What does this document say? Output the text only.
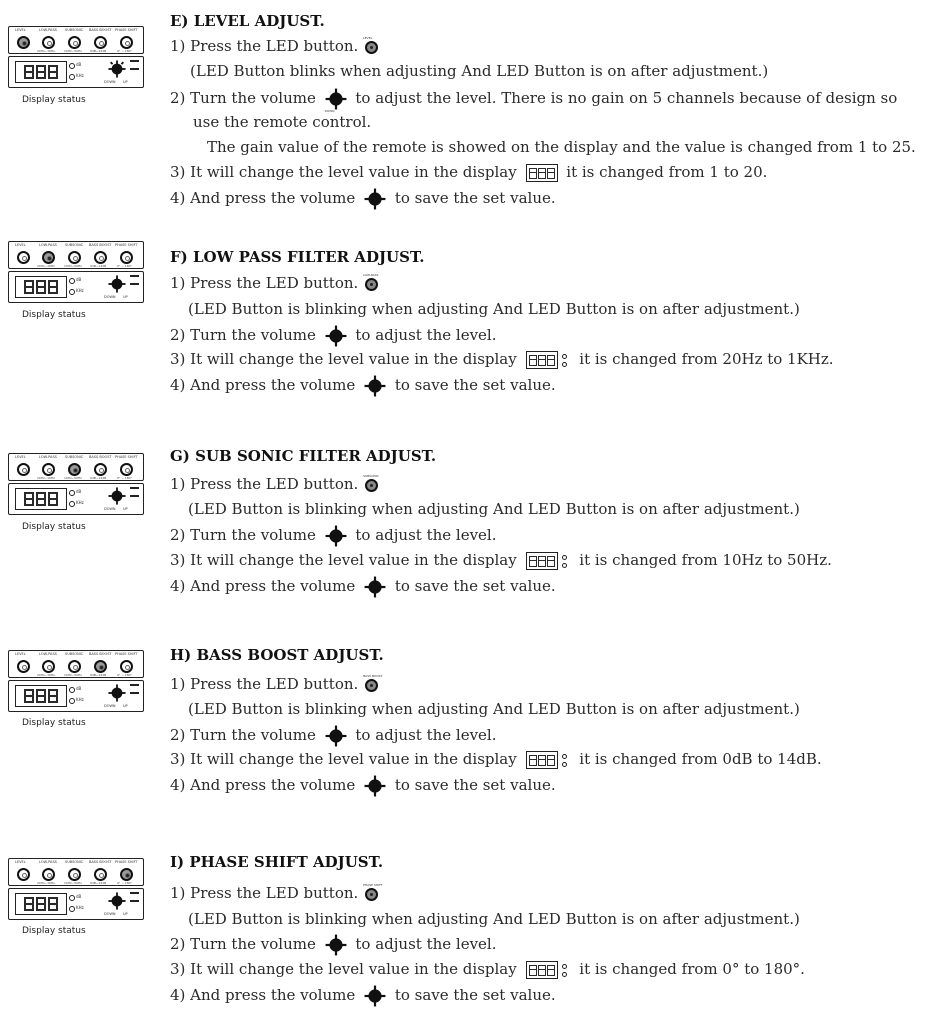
LEVEL	LOW-PASS SUBSONIC BASS BOOST PHASE SHIFT
20Hz~1KHz	10Hz~50Hz	0dB~14dB	0° ~ 180°
dB
KHz
DOWN UP
Display status
E) LEVEL ADJUST.
1) Press the LED button. LEVEL
(LED Button blinks when adjusting And LED Button is on after adjustment.)
2) Turn the volume
DOWN
to adjust the level. There is no gain on 5 channels because of design so
use the remote control.
The gain value of the remote is showed on the display and the value is changed from 1 to 25.
3) It will change the level value in the display	it is changed from 1 to 20.
4) And press the volume	to save the set value.
LEVEL	LOW-PASS SUBSONIC BASS BOOST PHASE SHIFT
20Hz~1KHz	10Hz~50Hz	0dB~14dB	0° ~ 180°
dB
KHz
DOWN UP
Display status
F) LOW PASS FILTER ADJUST.
1) Press the LED button. LOW-PASS
(LED Button is blinking when adjusting And LED Button is on after adjustment.)
2) Turn the volume	to adjust the level.
3) It will change the level value in the display	it is changed from 20Hz to 1KHz.
4) And press the volume	to save the set value.
LEVEL	LOW-PASS SUBSONIC BASS BOOST PHASE SHIFT
20Hz~1KHz	10Hz~50Hz	0dB~14dB	0° ~ 180°
dB
KHz
DOWN UP
Display status
G) SUB SONIC FILTER ADJUST.
1) Press the LED button. SUBSONIC
(LED Button is blinking when adjusting And LED Button is on after adjustment.)
2) Turn the volume	to adjust the level.
3) It will change the level value in the display	it is changed from 10Hz to 50Hz.
4) And press the volume	to save the set value.
LEVEL	LOW-PASS SUBSONIC BASS BOOST PHASE SHIFT
20Hz~1KHz	10Hz~50Hz	0dB~14dB	0° ~ 180°
dB
KHz
DOWN UP
Display status
H) BASS BOOST ADJUST.
1) Press the LED button. BASS BOOST
(LED Button is blinking when adjusting And LED Button is on after adjustment.)
2) Turn the volume	to adjust the level.
3) It will change the level value in the display	it is changed from 0dB to 14dB.
4) And press the volume	to save the set value.
LEVEL	LOW-PASS SUBSONIC BASS BOOST PHASE SHIFT
20Hz~1KHz	10Hz~50Hz	0dB~14dB	0° ~ 180°
dB
KHz
DOWN UP
Display status
I) PHASE SHIFT ADJUST.
1) Press the LED button. PHASE SHIFT
(LED Button is blinking when adjusting And LED Button is on after adjustment.)
2) Turn the volume	to adjust the level.
3) It will change the level value in the display	it is changed from 0° to 180°.
4) And press the volume	to save the set value.
